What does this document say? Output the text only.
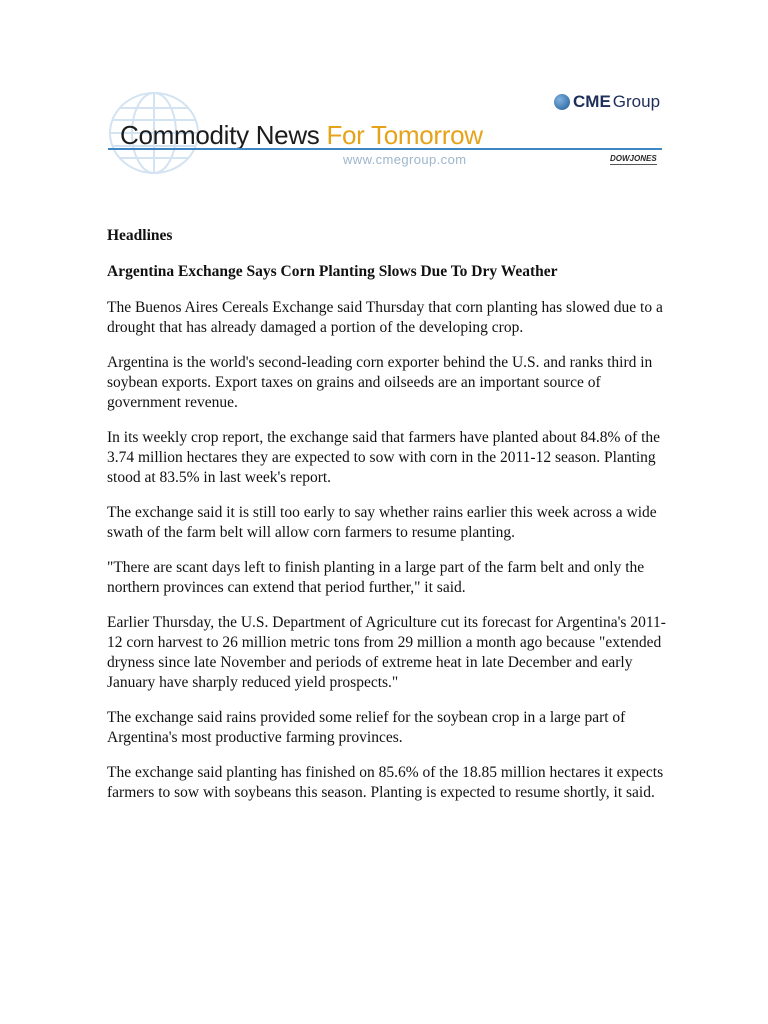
CME Group
Commodity News For Tomorrow
www.cmegroup.com	DOWJONES

Headlines

Argentina Exchange Says Corn Planting Slows Due To Dry Weather

The Buenos Aires Cereals Exchange said Thursday that corn planting has slowed due to a drought that has already damaged a portion of the developing crop.

Argentina is the world's second-leading corn exporter behind the U.S. and ranks third in soybean exports. Export taxes on grains and oilseeds are an important source of government revenue.

In its weekly crop report, the exchange said that farmers have planted about 84.8% of the 3.74 million hectares they are expected to sow with corn in the 2011-12 season. Planting stood at 83.5% in last week's report.

The exchange said it is still too early to say whether rains earlier this week across a wide swath of the farm belt will allow corn farmers to resume planting.

"There are scant days left to finish planting in a large part of the farm belt and only the northern provinces can extend that period further," it said.

Earlier Thursday, the U.S. Department of Agriculture cut its forecast for Argentina's 2011-12 corn harvest to 26 million metric tons from 29 million a month ago because "extended dryness since late November and periods of extreme heat in late December and early January have sharply reduced yield prospects."

The exchange said rains provided some relief for the soybean crop in a large part of Argentina's most productive farming provinces.

The exchange said planting has finished on 85.6% of the 18.85 million hectares it expects farmers to sow with soybeans this season. Planting is expected to resume shortly, it said.
